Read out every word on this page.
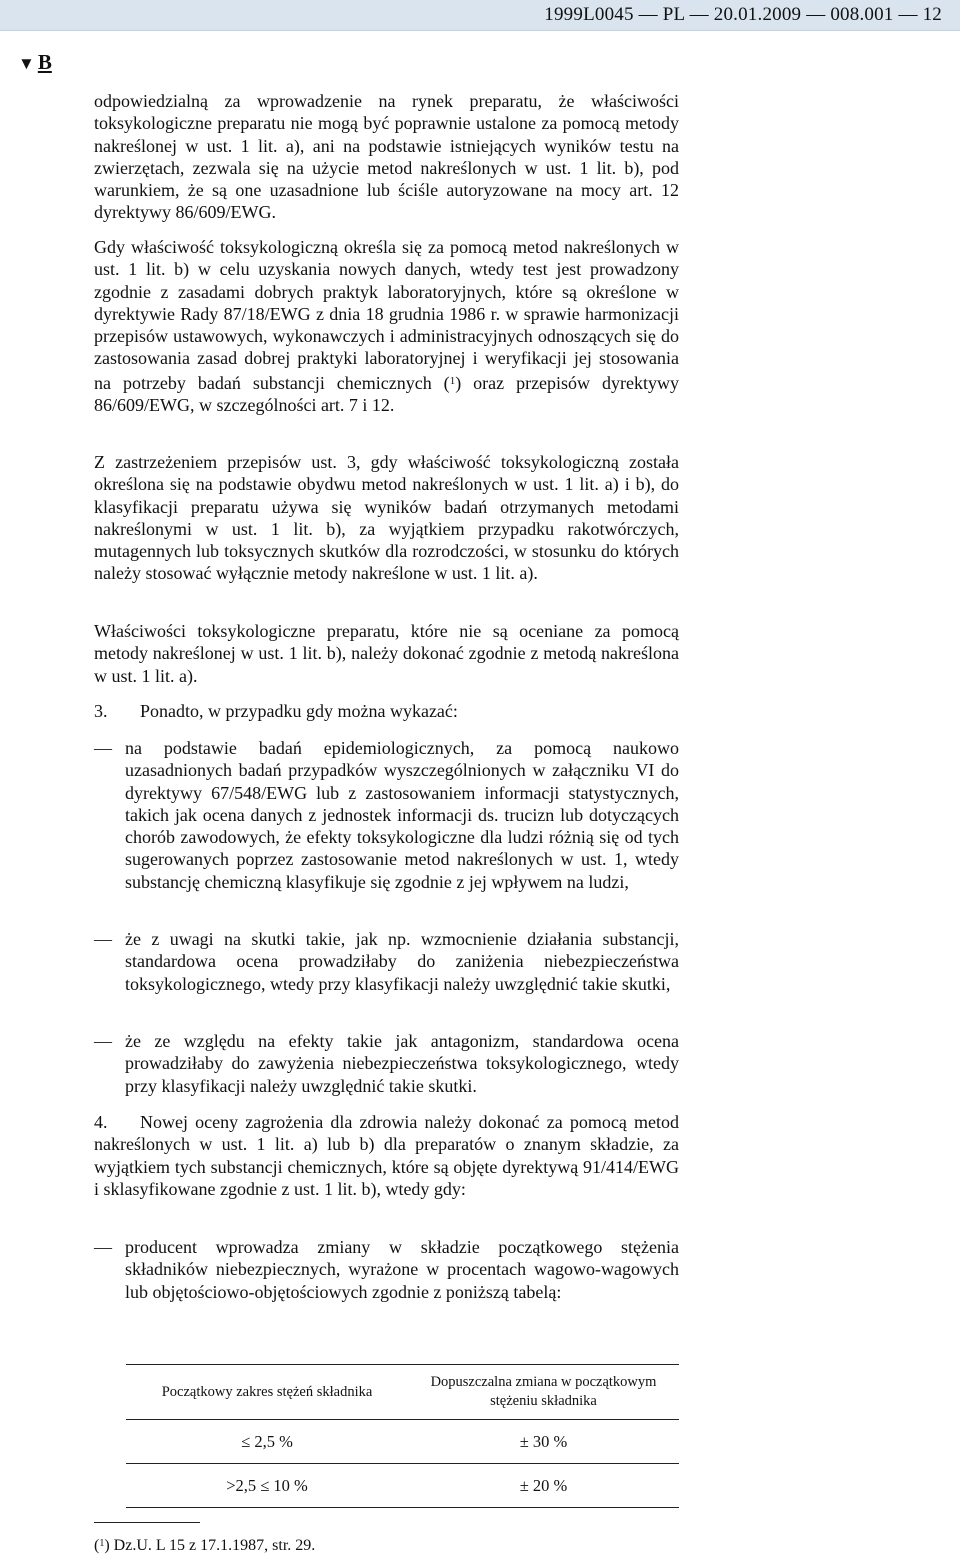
1999L0045 — PL — 20.01.2009 — 008.001 — 12
▼ B

odpowiedzialną za wprowadzenie na rynek preparatu, że właściwości toksykologiczne preparatu nie mogą być poprawnie ustalone za pomocą metody nakreślonej w ust. 1 lit. a), ani na podstawie istniejących wyników testu na zwierzętach, zezwala się na użycie metod nakreślonych w ust. 1 lit. b), pod warunkiem, że są one uzasadnione lub ściśle autoryzowane na mocy art. 12 dyrektywy 86/609/EWG.

Gdy właściwość toksykologiczną określa się za pomocą metod nakreślonych w ust. 1 lit. b) w celu uzyskania nowych danych, wtedy test jest prowadzony zgodnie z zasadami dobrych praktyk laboratoryjnych, które są określone w dyrektywie Rady 87/18/EWG z dnia 18 grudnia 1986 r. w sprawie harmonizacji przepisów ustawowych, wykonawczych i administracyjnych odnoszących się do zastosowania zasad dobrej praktyki laboratoryjnej i weryfikacji jej stosowania na potrzeby badań substancji chemicznych ($^1$) oraz przepisów dyrektywy 86/609/EWG, w szczególności art. 7 i 12.

Z zastrzeżeniem przepisów ust. 3, gdy właściwość toksykologiczną została określona się na podstawie obydwu metod nakreślonych w ust. 1 lit. a) i b), do klasyfikacji preparatu używa się wyników badań otrzymanych metodami nakreślonymi w ust. 1 lit. b), za wyjątkiem przypadku rakotwórczych, mutagennych lub toksycznych skutków dla rozrodczości, w stosunku do których należy stosować wyłącznie metody nakreślone w ust. 1 lit. a).

Właściwości toksykologiczne preparatu, które nie są oceniane za pomocą metody nakreślonej w ust. 1 lit. b), należy dokonać zgodnie z metodą nakreślona w ust. 1 lit. a).

3. Ponadto, w przypadku gdy można wykazać:

— na podstawie badań epidemiologicznych, za pomocą naukowo uzasadnionych badań przypadków wyszczególnionych w załączniku VI do dyrektywy 67/548/EWG lub z zastosowaniem informacji statystycznych, takich jak ocena danych z jednostek informacji ds. trucizn lub dotyczących chorób zawodowych, że efekty toksykologiczne dla ludzi różnią się od tych sugerowanych poprzez zastosowanie metod nakreślonych w ust. 1, wtedy substancję chemiczną klasyfikuje się zgodnie z jej wpływem na ludzi,

— że z uwagi na skutki takie, jak np. wzmocnienie działania substancji, standardowa ocena prowadziłaby do zaniżenia niebezpieczeństwa toksykologicznego, wtedy przy klasyfikacji należy uwzględnić takie skutki,

— że ze względu na efekty takie jak antagonizm, standardowa ocena prowadziłaby do zawyżenia niebezpieczeństwa toksykologicznego, wtedy przy klasyfikacji należy uwzględnić takie skutki.

4.	Nowej oceny zagrożenia dla zdrowia należy dokonać za pomocą metod nakreślonych w ust. 1 lit. a) lub b) dla preparatów o znanym składzie, za wyjątkiem tych substancji chemicznych, które są objęte dyrektywą 91/414/EWG i sklasyfikowane zgodnie z ust. 1 lit. b), wtedy gdy:

— producent wprowadza zmiany w składzie początkowego stężenia składników niebezpiecznych, wyrażone w procentach wagowo-wagowych lub objętościowo-objętościowych zgodnie z poniższą tabelą:

Początkowy zakres stężeń składnika	Dopuszczalna zmiana w początkowym stężeniu składnika
≤ 2,5 %	± 30 %
>2,5 ≤ 10 %	± 20 %
($^1$) Dz.U. L 15 z 17.1.1987, str. 29.
